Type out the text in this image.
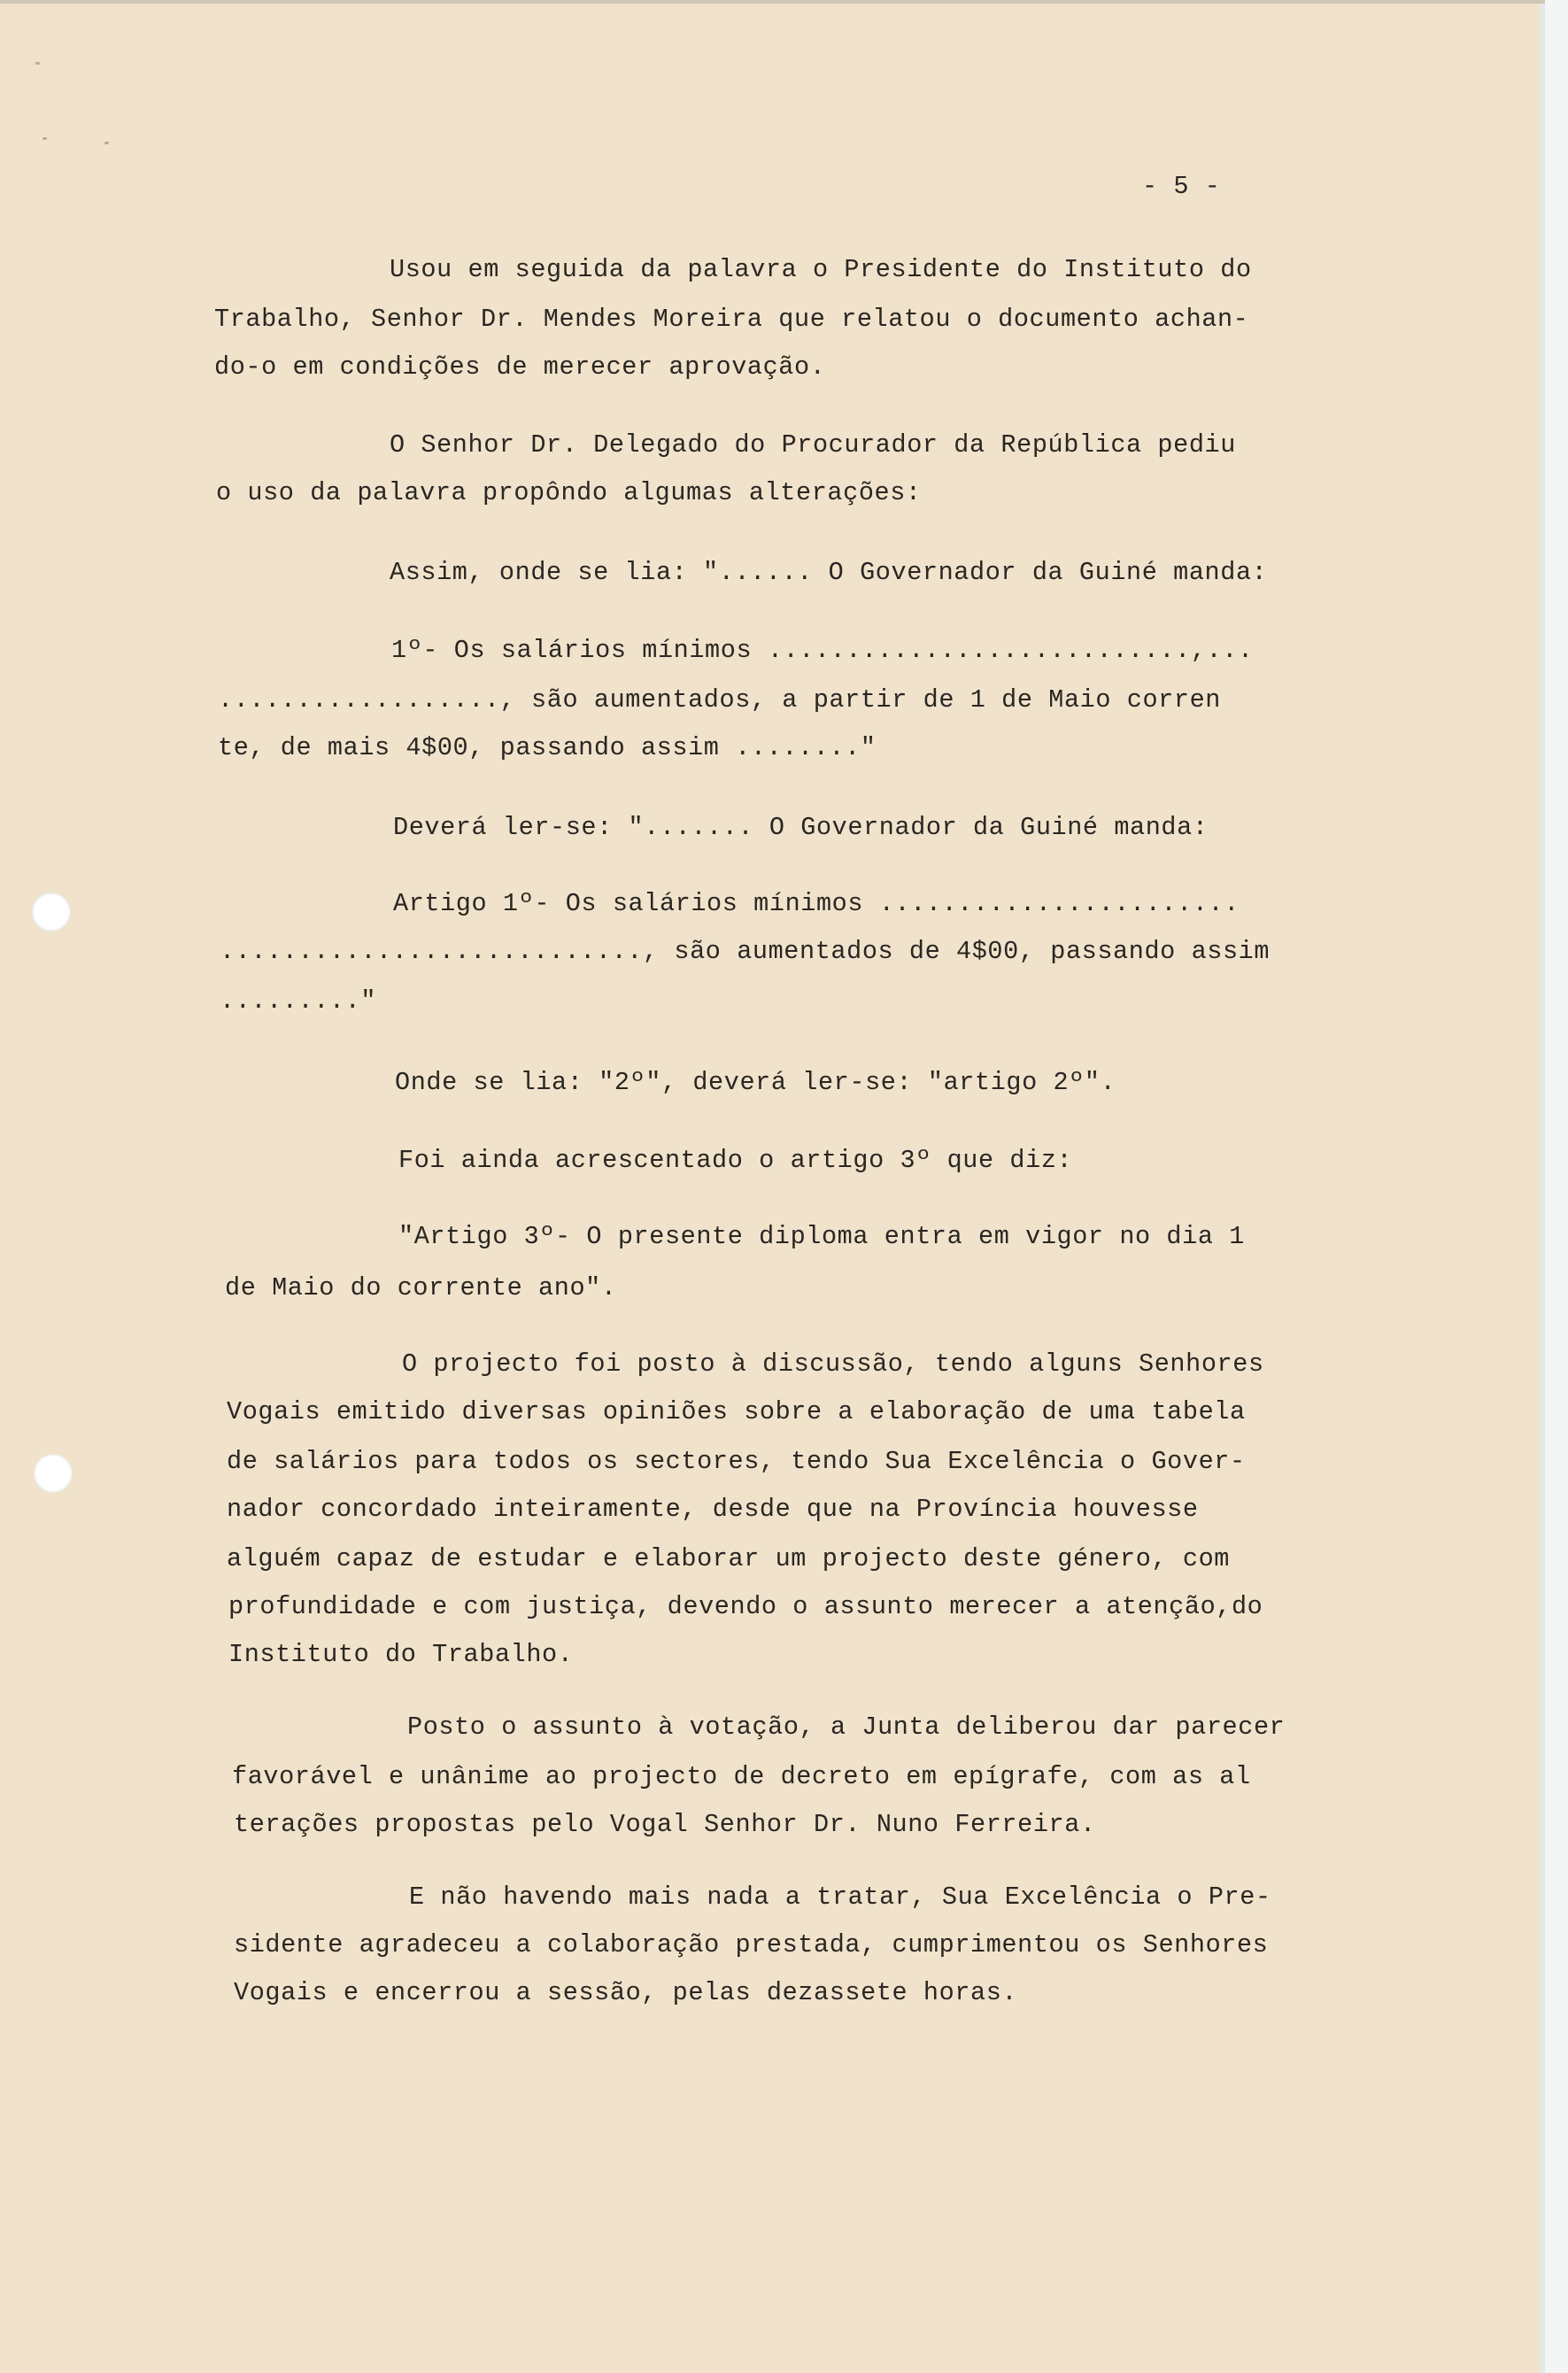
- 5 -

Usou em seguida da palavra o Presidente do Instituto do

Trabalho, Senhor Dr. Mendes Moreira que relatou o documento achan-

do-o em condições de merecer aprovação.

O Senhor Dr. Delegado do Procurador da República pediu

o uso da palavra propôndo algumas alterações:

Assim, onde se lia: "...... O Governador da Guiné manda:

1º- Os salários mínimos ...........................,...

.................., são aumentados, a partir de 1 de Maio corren

te, de mais 4$00, passando assim ........"

Deverá ler-se: "....... O Governador da Guiné manda:

Artigo 1º- Os salários mínimos .......................

..........................., são aumentados de 4$00, passando assim

........."

Onde se lia: "2º", deverá ler-se: "artigo 2º".

Foi ainda acrescentado o artigo 3º que diz:

"Artigo 3º- O presente diploma entra em vigor no dia 1

de Maio do corrente ano".

O projecto foi posto à discussão, tendo alguns Senhores

Vogais emitido diversas opiniões sobre a elaboração de uma tabela

de salários para todos os sectores, tendo Sua Excelência o Gover-

nador concordado inteiramente, desde que na Província houvesse

alguém capaz de estudar e elaborar um projecto deste género, com

profundidade e com justiça, devendo o assunto merecer a atenção,do

Instituto do Trabalho.

Posto o assunto à votação, a Junta deliberou dar parecer

favorável e unânime ao projecto de decreto em epígrafe, com as al

terações propostas pelo Vogal Senhor Dr. Nuno Ferreira.

E não havendo mais nada a tratar, Sua Excelência o Pre-

sidente agradeceu a colaboração prestada, cumprimentou os Senhores

Vogais e encerrou a sessão, pelas dezassete horas.
